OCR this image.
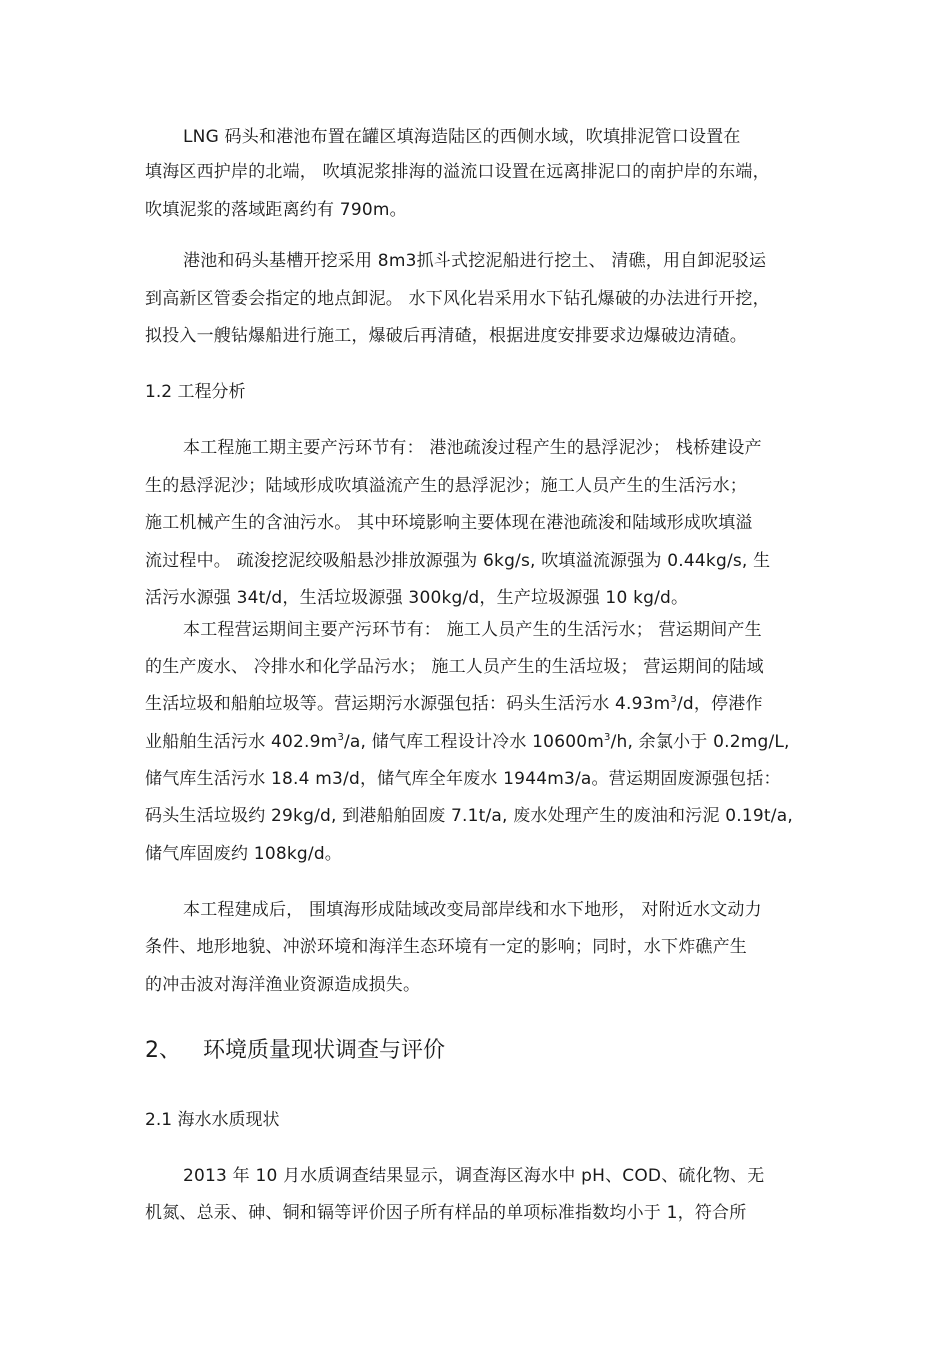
LNG 码头和港池布置在罐区填海造陆区的西侧水域，吹填排泥管口设置在
填海区西护岸的北端， 吹填泥浆排海的溢流口设置在远离排泥口的南护岸的东端，
吹填泥浆的落域距离约有 790m。
港池和码头基槽开挖采用 8m3抓斗式挖泥船进行挖土、 清礁，用自卸泥驳运
到高新区管委会指定的地点卸泥。 水下风化岩采用水下钻孔爆破的办法进行开挖，
拟投入一艘钻爆船进行施工，爆破后再清碴，根据进度安排要求边爆破边清碴。
1.2 工程分析
本工程施工期主要产污环节有： 港池疏浚过程产生的悬浮泥沙； 栈桥建设产
生的悬浮泥沙；陆域形成吹填溢流产生的悬浮泥沙；施工人员产生的生活污水；
施工机械产生的含油污水。 其中环境影响主要体现在港池疏浚和陆域形成吹填溢
流过程中。 疏浚挖泥绞吸船悬沙排放源强为 6kg/s, 吹填溢流源强为 0.44kg/s, 生
活污水源强 34t/d，生活垃圾源强 300kg/d，生产垃圾源强 10 kg/d。
本工程营运期间主要产污环节有： 施工人员产生的生活污水； 营运期间产生
的生产废水、 冷排水和化学品污水； 施工人员产生的生活垃圾； 营运期间的陆域
生活垃圾和船舶垃圾等。营运期污水源强包括：码头生活污水 $4.93m^3/d$，停港作
业船舶生活污水 $402.9m^3/a$, 储气库工程设计冷水 $10600m^3/h$, 余氯小于 0.2mg/L,
储气库生活污水 18.4 m3/d，储气库全年废水 1944m3/a。营运期固废源强包括：
码头生活垃圾约 29kg/d, 到港船舶固废 7.1t/a, 废水处理产生的废油和污泥 0.19t/a,
储气库固废约 108kg/d。
本工程建成后， 围填海形成陆域改变局部岸线和水下地形， 对附近水文动力
条件、地形地貌、冲淤环境和海洋生态环境有一定的影响；同时，水下炸礁产生
的冲击波对海洋渔业资源造成损失。
2、 环境质量现状调查与评价
2.1 海水水质现状
2013 年 10 月水质调查结果显示，调查海区海水中 pH、COD、硫化物、无
机氮、总汞、砷、铜和镉等评价因子所有样品的单项标准指数均小于 1，符合所
